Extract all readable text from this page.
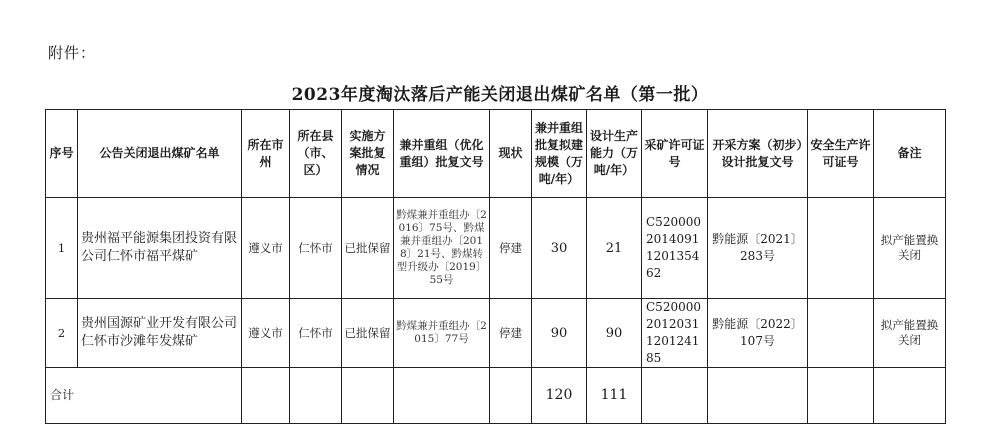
附件：
2023年度淘汰落后产能关闭退出煤矿名单（第一批）
序号	公告关闭退出煤矿名单	所在市州	所在县（市、区）	实施方案批复情况	兼并重组（优化重组）批复文号	现状	兼并重组批复拟建规模（万吨/年）	设计生产能力（万吨/年）	采矿许可证号	开采方案（初步）设计批复文号	安全生产许可证号	备注
1	贵州福平能源集团投资有限公司仁怀市福平煤矿	遵义市	仁怀市	已批保留	黔煤兼并重组办〔2016〕75号、黔煤兼并重组办〔2018〕21号、黔煤转型升级办〔2019〕55号	停建	30	21	C5200002014091120135462	黔能源〔2021〕283号		拟产能置换关闭
2	贵州国源矿业开发有限公司仁怀市沙滩年发煤矿	遵义市	仁怀市	已批保留	黔煤兼并重组办〔2015〕77号	停建	90	90	C5200002012031120124185	黔能源〔2022〕107号		拟产能置换关闭
合计							120	111				
